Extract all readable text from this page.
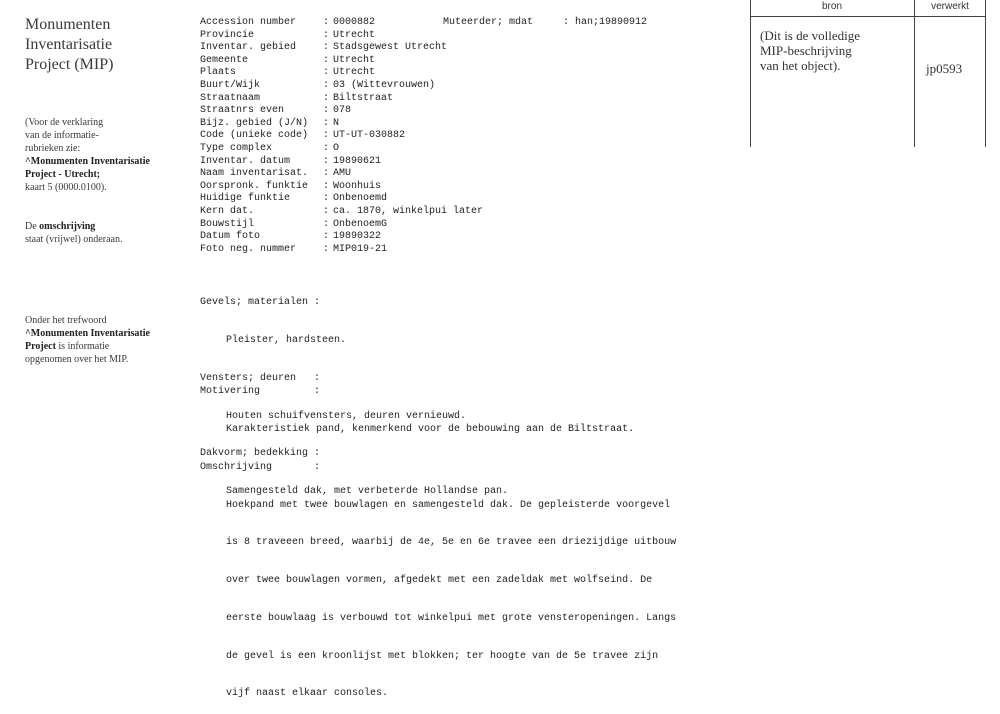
Monumenten
Inventarisatie
Project (MIP)
(Voor de verklaring
van de informatie-
rubrieken zie:
^Monumenten Inventarisatie
Project - Utrecht;
kaart 5 (0000.0100).
De omschrijving
staat (vrijwel) onderaan.
Onder het trefwoord
^Monumenten Inventarisatie
Project is informatie
opgenomen over het MIP.
Accession number	: 0000882
Provincie	: Utrecht
Inventar. gebied	: Stadsgewest Utrecht
Gemeente	: Utrecht
Plaats	: Utrecht
Buurt/Wijk	: 03 (Wittevrouwen)
Straatnaam	: Biltstraat
Straatnrs even	: 078
Bijz. gebied (J/N) : N
Code (unieke code) : UT-UT-030882
Type complex	: O
Inventar. datum	: 19890621
Naam inventarisat. : AMU
Oorspronk. funktie : Woonhuis
Huidige funktie	: Onbenoemd
Kern dat.	: ca. 1870, winkelpui later
Bouwstijl	: OnbenoemG
Datum foto	: 19890322
Foto neg. nummer	: MIP019-21
Muteerder; mdat     : han;19890912

Gevels; materialen :

Pleister, hardsteen.

Vensters; deuren   :

Houten schuifvensters, deuren vernieuwd.

Dakvorm; bedekking :

Samengesteld dak, met verbeterde Hollandse pan.

Motivering         :

Karakteristiek pand, kenmerkend voor de bebouwing aan de Biltstraat.

Omschrijving       :

Hoekpand met twee bouwlagen en samengesteld dak. De gepleisterde voorgevel

is 8 traveeen breed, waarbij de 4e, 5e en 6e travee een driezijdige uitbouw

over twee bouwlagen vormen, afgedekt met een zadeldak met wolfseind. De

eerste bouwlaag is verbouwd tot winkelpui met grote vensteropeningen. Langs

de gevel is een kroonlijst met blokken; ter hoogte van de 5e travee zijn

vijf naast elkaar consoles.

bron	verwerkt
(Dit is de volledige
MIP-beschrijving
van het object).	jp0593
